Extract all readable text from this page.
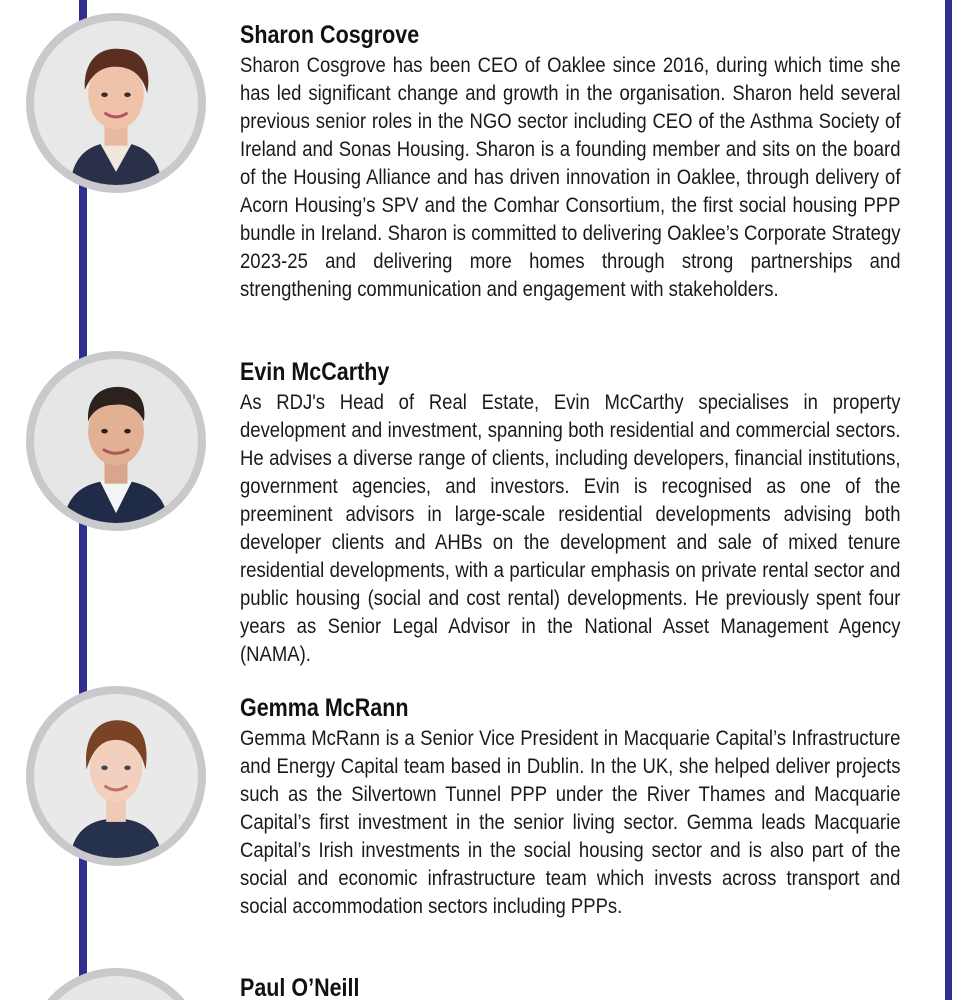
Sharon Cosgrove

Sharon Cosgrove has been CEO of Oaklee since 2016, during which time she has led significant change and growth in the organisation. Sharon held several previous senior roles in the NGO sector including CEO of the Asthma Society of Ireland and Sonas Housing. Sharon is a founding member and sits on the board of the Housing Alliance and has driven innovation in Oaklee, through delivery of Acorn Housing’s SPV and the Comhar Consortium, the first social housing PPP bundle in Ireland. Sharon is committed to delivering Oaklee’s Corporate Strategy 2023-25 and delivering more homes through strong partnerships and strengthening communication and engagement with stakeholders.

Evin McCarthy

As RDJ's Head of Real Estate, Evin McCarthy specialises in property development and investment, spanning both residential and commercial sectors. He advises a diverse range of clients, including developers, financial institutions, government agencies, and investors. Evin is recognised as one of the preeminent advisors in large-scale residential developments advising both developer clients and AHBs on the development and sale of mixed tenure residential developments, with a particular emphasis on private rental sector and public housing (social and cost rental) developments. He previously spent four years as Senior Legal Advisor in the National Asset Management Agency (NAMA).

Gemma McRann

Gemma McRann is a Senior Vice President in Macquarie Capital’s Infrastructure and Energy Capital team based in Dublin. In the UK, she helped deliver projects such as the Silvertown Tunnel PPP under the River Thames and Macquarie Capital’s first investment in the senior living sector. Gemma leads Macquarie Capital’s Irish investments in the social housing sector and is also part of the social and economic infrastructure team which invests across transport and social accommodation sectors including PPPs.

Paul O’Neill
